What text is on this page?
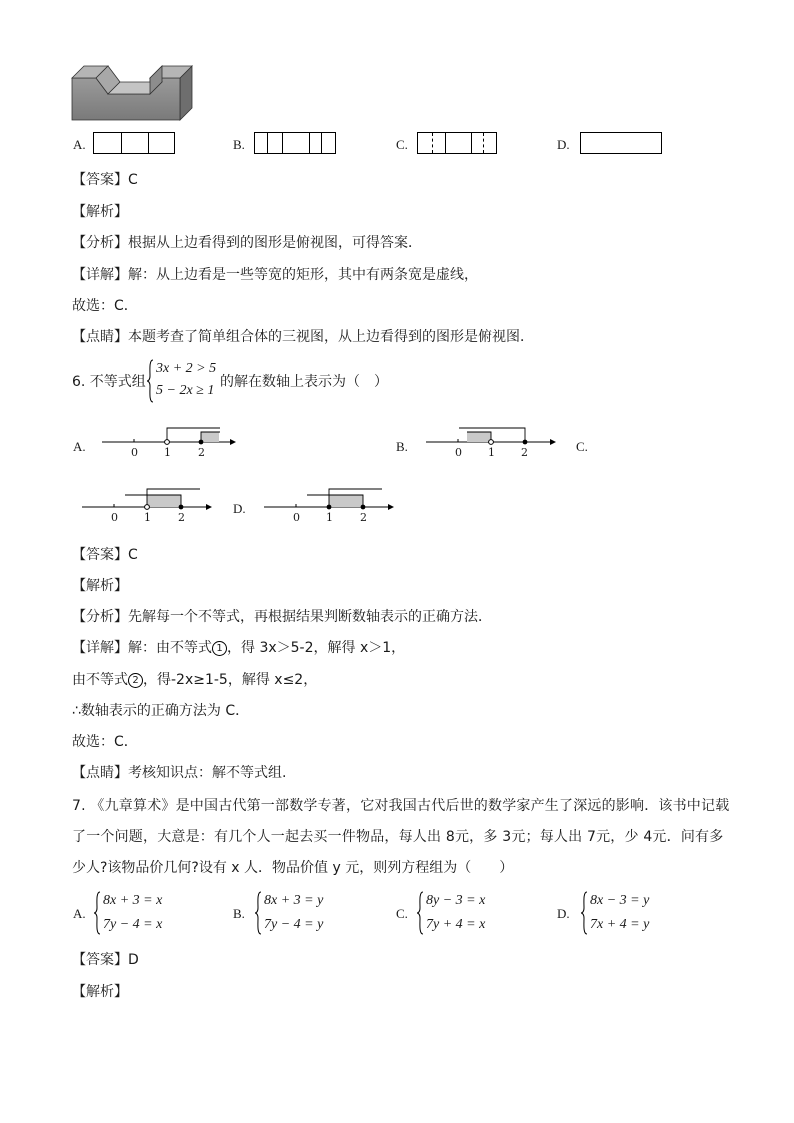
A.	B.	C.	D.
【答案】C
【解析】
【分析】根据从上边看得到的图形是俯视图，可得答案．
【详解】解：从上边看是一些等宽的矩形，其中有两条宽是虚线，
故选：C．
【点睛】本题考查了简单组合体的三视图，从上边看得到的图形是俯视图．
6. 不等式组
3x + 2 > 5
5 − 2x ≥ 1
的解在数轴上表示为（　）
A.	0 1 2	B.	0 1 2	C.
0 1 2
D.
0 1 2
【答案】C
【解析】
【分析】先解每一个不等式，再根据结果判断数轴表示的正确方法．
【详解】解：由不等式 1 ，得 3x＞5-2，解得 x＞1，
由不等式 2 ，得-2x≥1-5，解得 x≤2，
∴数轴表示的正确方法为 C．
故选：C．
【点睛】考核知识点：解不等式组.
7. 《九章算术》是中国古代第一部数学专著，它对我国古代后世的数学家产生了深远的影响．该书中记载
了一个问题，大意是：有几个人一起去买一件物品，每人出 8元，多 3元；每人出 7元，少 4元．问有多
少人?该物品价几何?设有 x 人．物品价值 y 元，则列方程组为（　　）
A.
8x + 3 = x
7y − 4 = x
B.
8x + 3 = y
7y − 4 = y
C.
8y − 3 = x
7y + 4 = x
D.
8x − 3 = y
7x + 4 = y
【答案】D
【解析】
